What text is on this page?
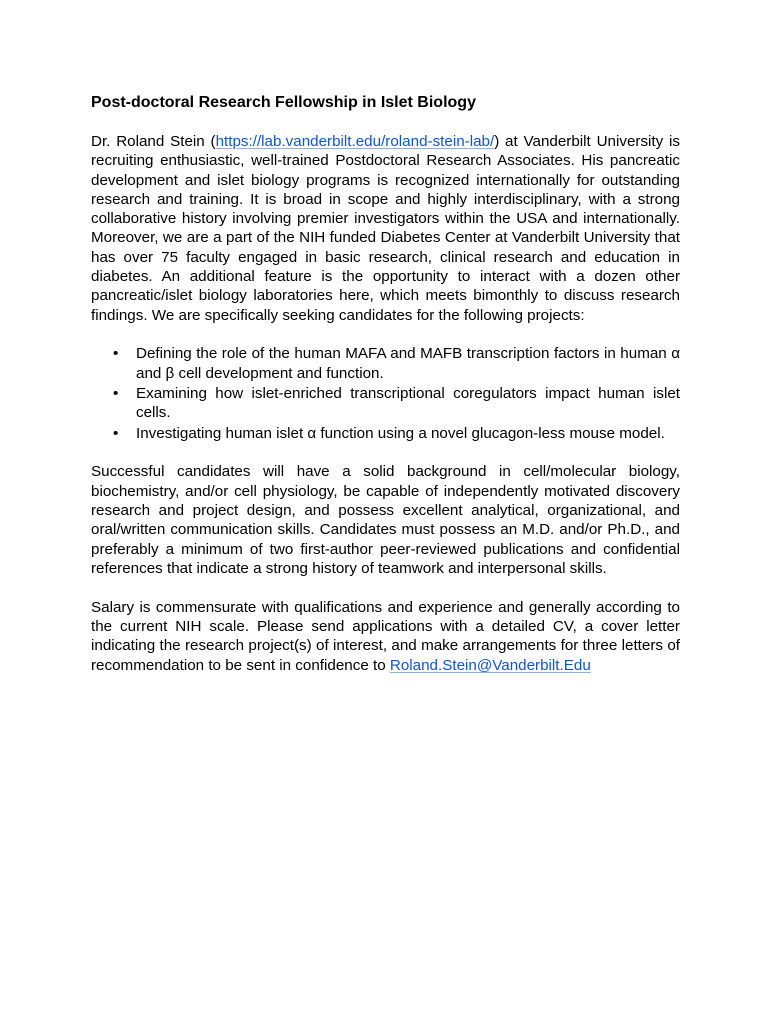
Post-doctoral Research Fellowship in Islet Biology

Dr. Roland Stein (https://lab.vanderbilt.edu/roland-stein-lab/) at Vanderbilt University is recruiting enthusiastic, well-trained Postdoctoral Research Associates. His pancreatic development and islet biology programs is recognized internationally for outstanding research and training. It is broad in scope and highly interdisciplinary, with a strong collaborative history involving premier investigators within the USA and internationally. Moreover, we are a part of the NIH funded Diabetes Center at Vanderbilt University that has over 75 faculty engaged in basic research, clinical research and education in diabetes. An additional feature is the opportunity to interact with a dozen other pancreatic/islet biology laboratories here, which meets bimonthly to discuss research findings. We are specifically seeking candidates for the following projects:

• Defining the role of the human MAFA and MAFB transcription factors in human α and β cell development and function.
• Examining how islet-enriched transcriptional coregulators impact human islet cells.
• Investigating human islet α function using a novel glucagon-less mouse model.

Successful candidates will have a solid background in cell/molecular biology, biochemistry, and/or cell physiology, be capable of independently motivated discovery research and project design, and possess excellent analytical, organizational, and oral/written communication skills. Candidates must possess an M.D. and/or Ph.D., and preferably a minimum of two first-author peer-reviewed publications and confidential references that indicate a strong history of teamwork and interpersonal skills.

Salary is commensurate with qualifications and experience and generally according to the current NIH scale. Please send applications with a detailed CV, a cover letter indicating the research project(s) of interest, and make arrangements for three letters of recommendation to be sent in confidence to Roland.Stein@Vanderbilt.Edu
